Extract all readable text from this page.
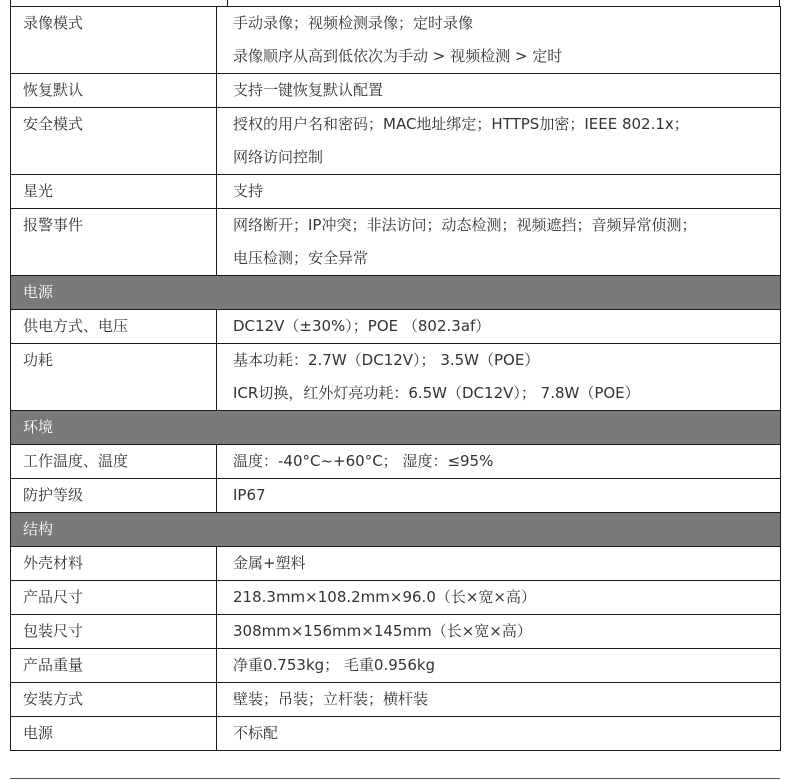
录像模式	手动录像；视频检测录像；定时录像
录像顺序从高到低依次为手动 > 视频检测 > 定时

恢复默认	支持一键恢复默认配置

安全模式	授权的用户名和密码；MAC地址绑定；HTTPS加密；IEEE 802.1x；
网络访问控制

星光	支持

报警事件	网络断开；IP冲突；非法访问；动态检测；视频遮挡；音频异常侦测；
电压检测；安全异常

电源	
供电方式、电压	DC12V（±30%）；POE （802.3af）

功耗	基本功耗：2.7W（DC12V）； 3.5W（POE）
ICR切换，红外灯亮功耗：6.5W（DC12V）； 7.8W（POE）

环境	
工作温度、温度	温度：-40°C~+60°C； 湿度：≤95%

防护等级	IP67

结构	
外壳材料	金属+塑料

产品尺寸	218.3mm×108.2mm×96.0（长×宽×高）

包装尺寸	308mm×156mm×145mm（长×宽×高）

产品重量	净重0.753kg； 毛重0.956kg

安装方式	壁装；吊装；立杆装；横杆装

电源	不标配
